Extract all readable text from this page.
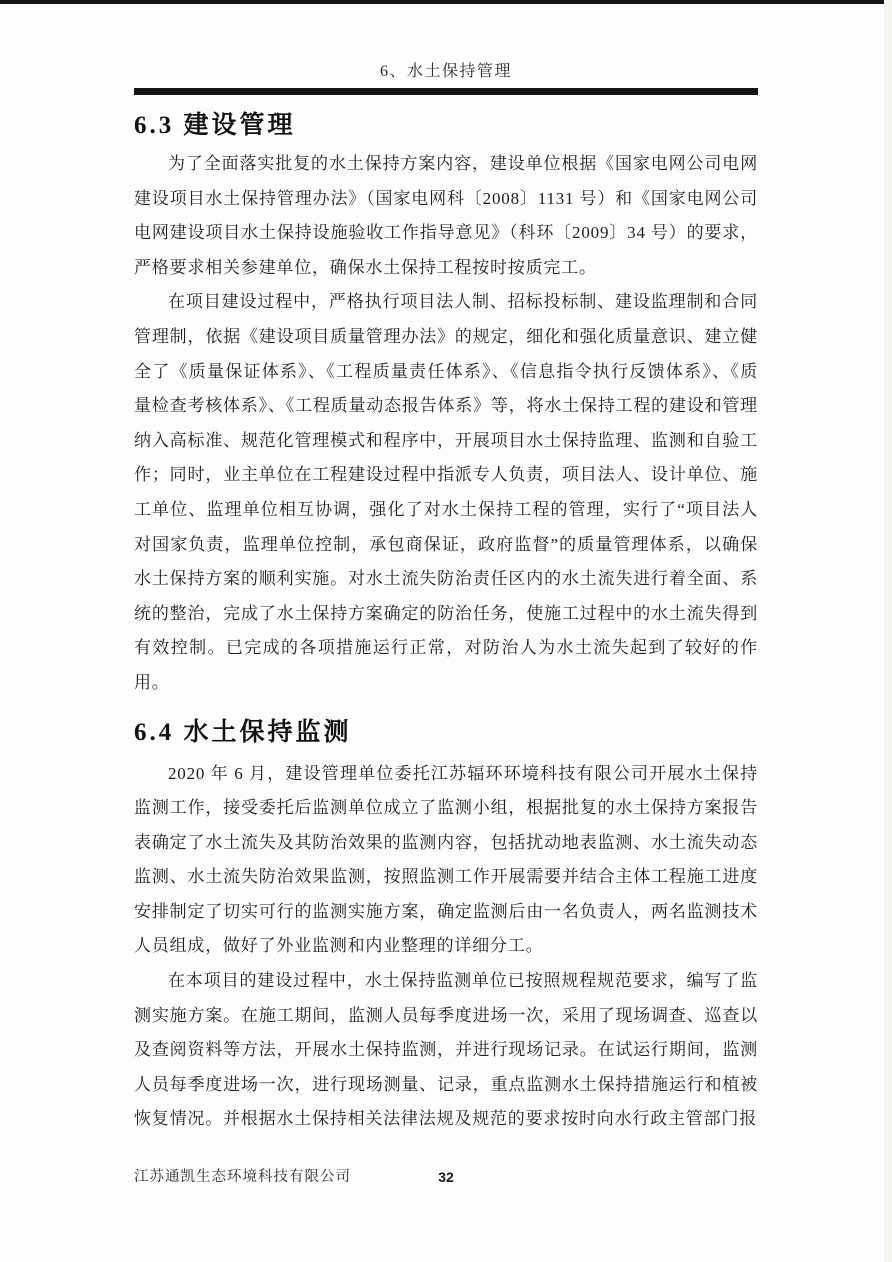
6、水土保持管理
6.3 建设管理

为了全面落实批复的水土保持方案内容，建设单位根据《国家电网公司电网建设项目水土保持管理办法》（国家电网科〔2008〕1131 号）和《国家电网公司电网建设项目水土保持设施验收工作指导意见》（科环〔2009〕34 号）的要求，严格要求相关参建单位，确保水土保持工程按时按质完工。

在项目建设过程中，严格执行项目法人制、招标投标制、建设监理制和合同管理制，依据《建设项目质量管理办法》的规定，细化和强化质量意识、建立健全了《质量保证体系》、《工程质量责任体系》、《信息指令执行反馈体系》、《质量检查考核体系》、《工程质量动态报告体系》等，将水土保持工程的建设和管理纳入高标准、规范化管理模式和程序中，开展项目水土保持监理、监测和自验工作；同时，业主单位在工程建设过程中指派专人负责，项目法人、设计单位、施工单位、监理单位相互协调，强化了对水土保持工程的管理，实行了“项目法人对国家负责，监理单位控制，承包商保证，政府监督”的质量管理体系，以确保水土保持方案的顺利实施。对水土流失防治责任区内的水土流失进行着全面、系统的整治，完成了水土保持方案确定的防治任务，使施工过程中的水土流失得到有效控制。已完成的各项措施运行正常，对防治人为水土流失起到了较好的作用。

6.4 水土保持监测

2020 年 6 月，建设管理单位委托江苏辐环环境科技有限公司开展水土保持监测工作，接受委托后监测单位成立了监测小组，根据批复的水土保持方案报告表确定了水土流失及其防治效果的监测内容，包括扰动地表监测、水土流失动态监测、水土流失防治效果监测，按照监测工作开展需要并结合主体工程施工进度安排制定了切实可行的监测实施方案，确定监测后由一名负责人，两名监测技术人员组成，做好了外业监测和内业整理的详细分工。

在本项目的建设过程中，水土保持监测单位已按照规程规范要求，编写了监测实施方案。在施工期间，监测人员每季度进场一次，采用了现场调查、巡查以及查阅资料等方法，开展水土保持监测，并进行现场记录。在试运行期间，监测人员每季度进场一次，进行现场测量、记录，重点监测水土保持措施运行和植被恢复情况。并根据水土保持相关法律法规及规范的要求按时向水行政主管部门报

江苏通凯生态环境科技有限公司	32
